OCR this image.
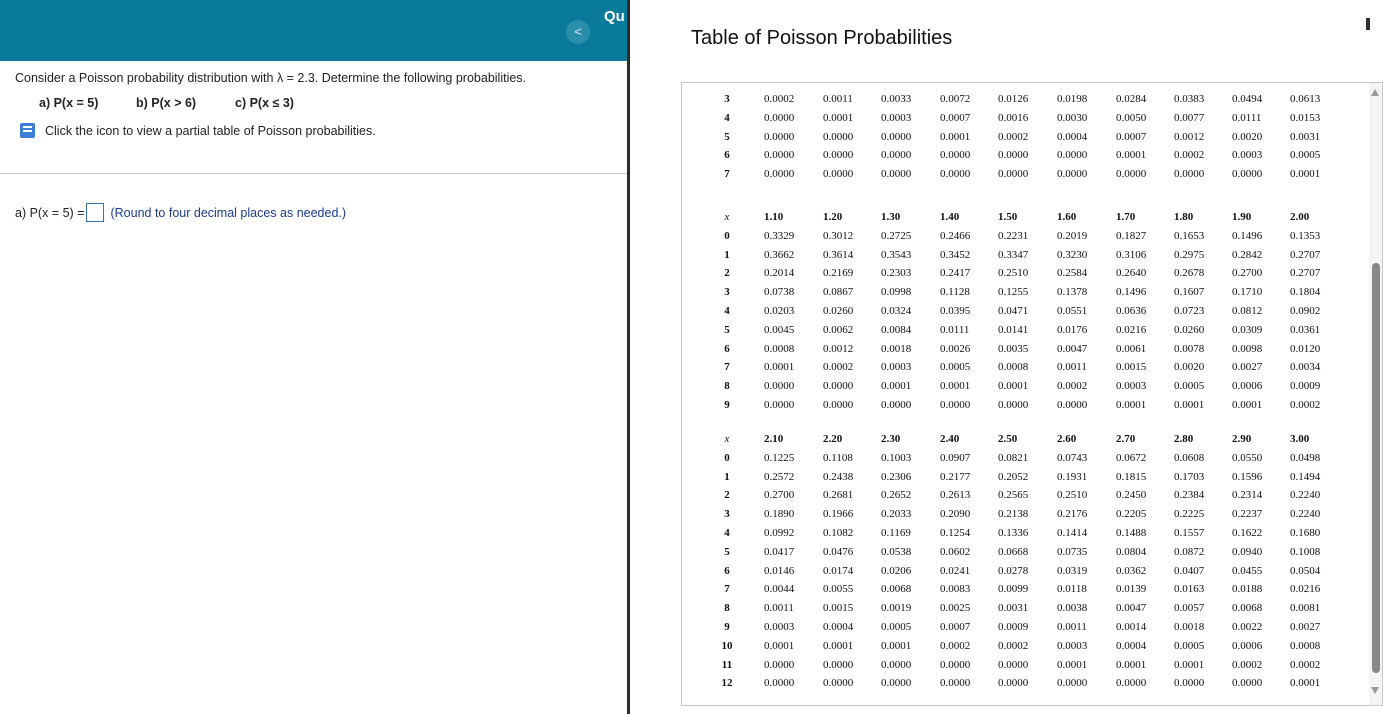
<
Qu
Consider a Poisson probability distribution with λ = 2.3. Determine the following probabilities.
a) P(x = 5)	b) P(x > 6)	c) P(x ≤ 3)
Click the icon to view a partial table of Poisson probabilities.
a) P(x = 5) = (Round to four decimal places as needed.)
Table of Poisson Probabilities
3	0.0002	0.0011	0.0033	0.0072	0.0126	0.0198	0.0284	0.0383	0.0494	0.0613
4	0.0000	0.0001	0.0003	0.0007	0.0016	0.0030	0.0050	0.0077	0.0111	0.0153
5	0.0000	0.0000	0.0000	0.0001	0.0002	0.0004	0.0007	0.0012	0.0020	0.0031
6	0.0000	0.0000	0.0000	0.0000	0.0000	0.0000	0.0001	0.0002	0.0003	0.0005
7	0.0000	0.0000	0.0000	0.0000	0.0000	0.0000	0.0000	0.0000	0.0000	0.0001
x	1.10	1.20	1.30	1.40	1.50	1.60	1.70	1.80	1.90	2.00
0	0.3329	0.3012	0.2725	0.2466	0.2231	0.2019	0.1827	0.1653	0.1496	0.1353
1	0.3662	0.3614	0.3543	0.3452	0.3347	0.3230	0.3106	0.2975	0.2842	0.2707
2	0.2014	0.2169	0.2303	0.2417	0.2510	0.2584	0.2640	0.2678	0.2700	0.2707
3	0.0738	0.0867	0.0998	0.1128	0.1255	0.1378	0.1496	0.1607	0.1710	0.1804
4	0.0203	0.0260	0.0324	0.0395	0.0471	0.0551	0.0636	0.0723	0.0812	0.0902
5	0.0045	0.0062	0.0084	0.0111	0.0141	0.0176	0.0216	0.0260	0.0309	0.0361
6	0.0008	0.0012	0.0018	0.0026	0.0035	0.0047	0.0061	0.0078	0.0098	0.0120
7	0.0001	0.0002	0.0003	0.0005	0.0008	0.0011	0.0015	0.0020	0.0027	0.0034
8	0.0000	0.0000	0.0001	0.0001	0.0001	0.0002	0.0003	0.0005	0.0006	0.0009
9	0.0000	0.0000	0.0000	0.0000	0.0000	0.0000	0.0001	0.0001	0.0001	0.0002
x	2.10	2.20	2.30	2.40	2.50	2.60	2.70	2.80	2.90	3.00
0	0.1225	0.1108	0.1003	0.0907	0.0821	0.0743	0.0672	0.0608	0.0550	0.0498
1	0.2572	0.2438	0.2306	0.2177	0.2052	0.1931	0.1815	0.1703	0.1596	0.1494
2	0.2700	0.2681	0.2652	0.2613	0.2565	0.2510	0.2450	0.2384	0.2314	0.2240
3	0.1890	0.1966	0.2033	0.2090	0.2138	0.2176	0.2205	0.2225	0.2237	0.2240
4	0.0992	0.1082	0.1169	0.1254	0.1336	0.1414	0.1488	0.1557	0.1622	0.1680
5	0.0417	0.0476	0.0538	0.0602	0.0668	0.0735	0.0804	0.0872	0.0940	0.1008
6	0.0146	0.0174	0.0206	0.0241	0.0278	0.0319	0.0362	0.0407	0.0455	0.0504
7	0.0044	0.0055	0.0068	0.0083	0.0099	0.0118	0.0139	0.0163	0.0188	0.0216
8	0.0011	0.0015	0.0019	0.0025	0.0031	0.0038	0.0047	0.0057	0.0068	0.0081
9	0.0003	0.0004	0.0005	0.0007	0.0009	0.0011	0.0014	0.0018	0.0022	0.0027
10	0.0001	0.0001	0.0001	0.0002	0.0002	0.0003	0.0004	0.0005	0.0006	0.0008
11	0.0000	0.0000	0.0000	0.0000	0.0000	0.0001	0.0001	0.0001	0.0002	0.0002
12	0.0000	0.0000	0.0000	0.0000	0.0000	0.0000	0.0000	0.0000	0.0000	0.0001
